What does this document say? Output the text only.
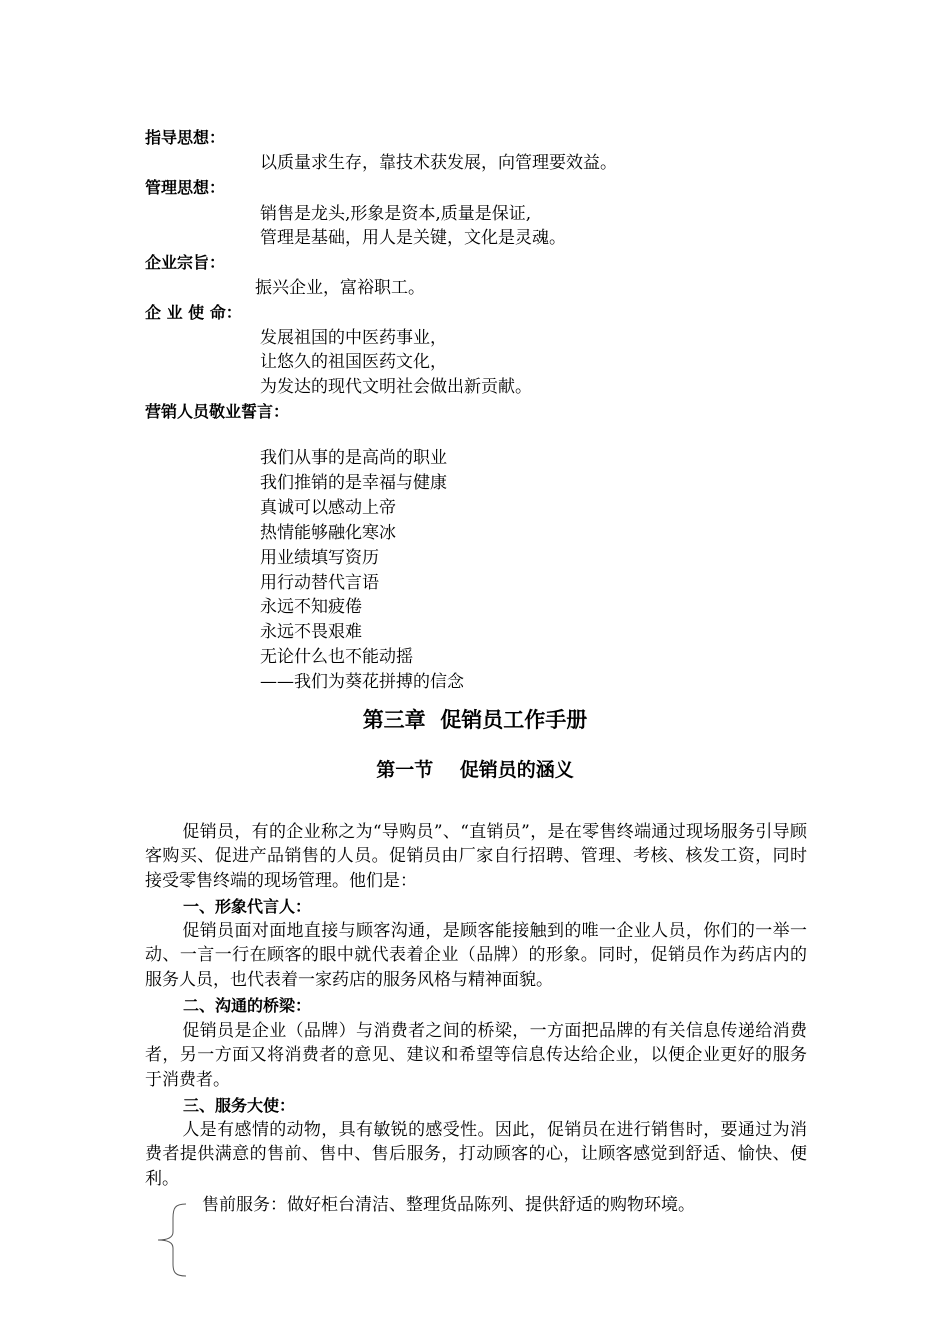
指导思想：
以质量求生存，靠技术获发展，向管理要效益。
管理思想：
销售是龙头,形象是资本,质量是保证,
管理是基础，用人是关键，文化是灵魂。
企业宗旨：
振兴企业，富裕职工。
企 业 使 命：
发展祖国的中医药事业，
让悠久的祖国医药文化，
为发达的现代文明社会做出新贡献。
营销人员敬业誓言：
我们从事的是高尚的职业
我们推销的是幸福与健康
真诚可以感动上帝
热情能够融化寒冰
用业绩填写资历
用行动替代言语
永远不知疲倦
永远不畏艰难
无论什么也不能动摇
——我们为葵花拼搏的信念
第三章  促销员工作手册
第一节    促销员的涵义
促销员，有的企业称之为“导购员”、“直销员”，是在零售终端通过现场服务引导顾客购买、促进产品销售的人员。促销员由厂家自行招聘、管理、考核、核发工资，同时接受零售终端的现场管理。他们是：
一、形象代言人：
促销员面对面地直接与顾客沟通，是顾客能接触到的唯一企业人员，你们的一举一动、一言一行在顾客的眼中就代表着企业（品牌）的形象。同时，促销员作为药店内的服务人员，也代表着一家药店的服务风格与精神面貌。
二、沟通的桥梁：
促销员是企业（品牌）与消费者之间的桥梁，一方面把品牌的有关信息传递给消费者，另一方面又将消费者的意见、建议和希望等信息传达给企业，以便企业更好的服务于消费者。
三、服务大使：
人是有感情的动物，具有敏锐的感受性。因此，促销员在进行销售时，要通过为消费者提供满意的售前、售中、售后服务，打动顾客的心，让顾客感觉到舒适、愉快、便利。
售前服务：做好柜台清洁、整理货品陈列、提供舒适的购物环境。
